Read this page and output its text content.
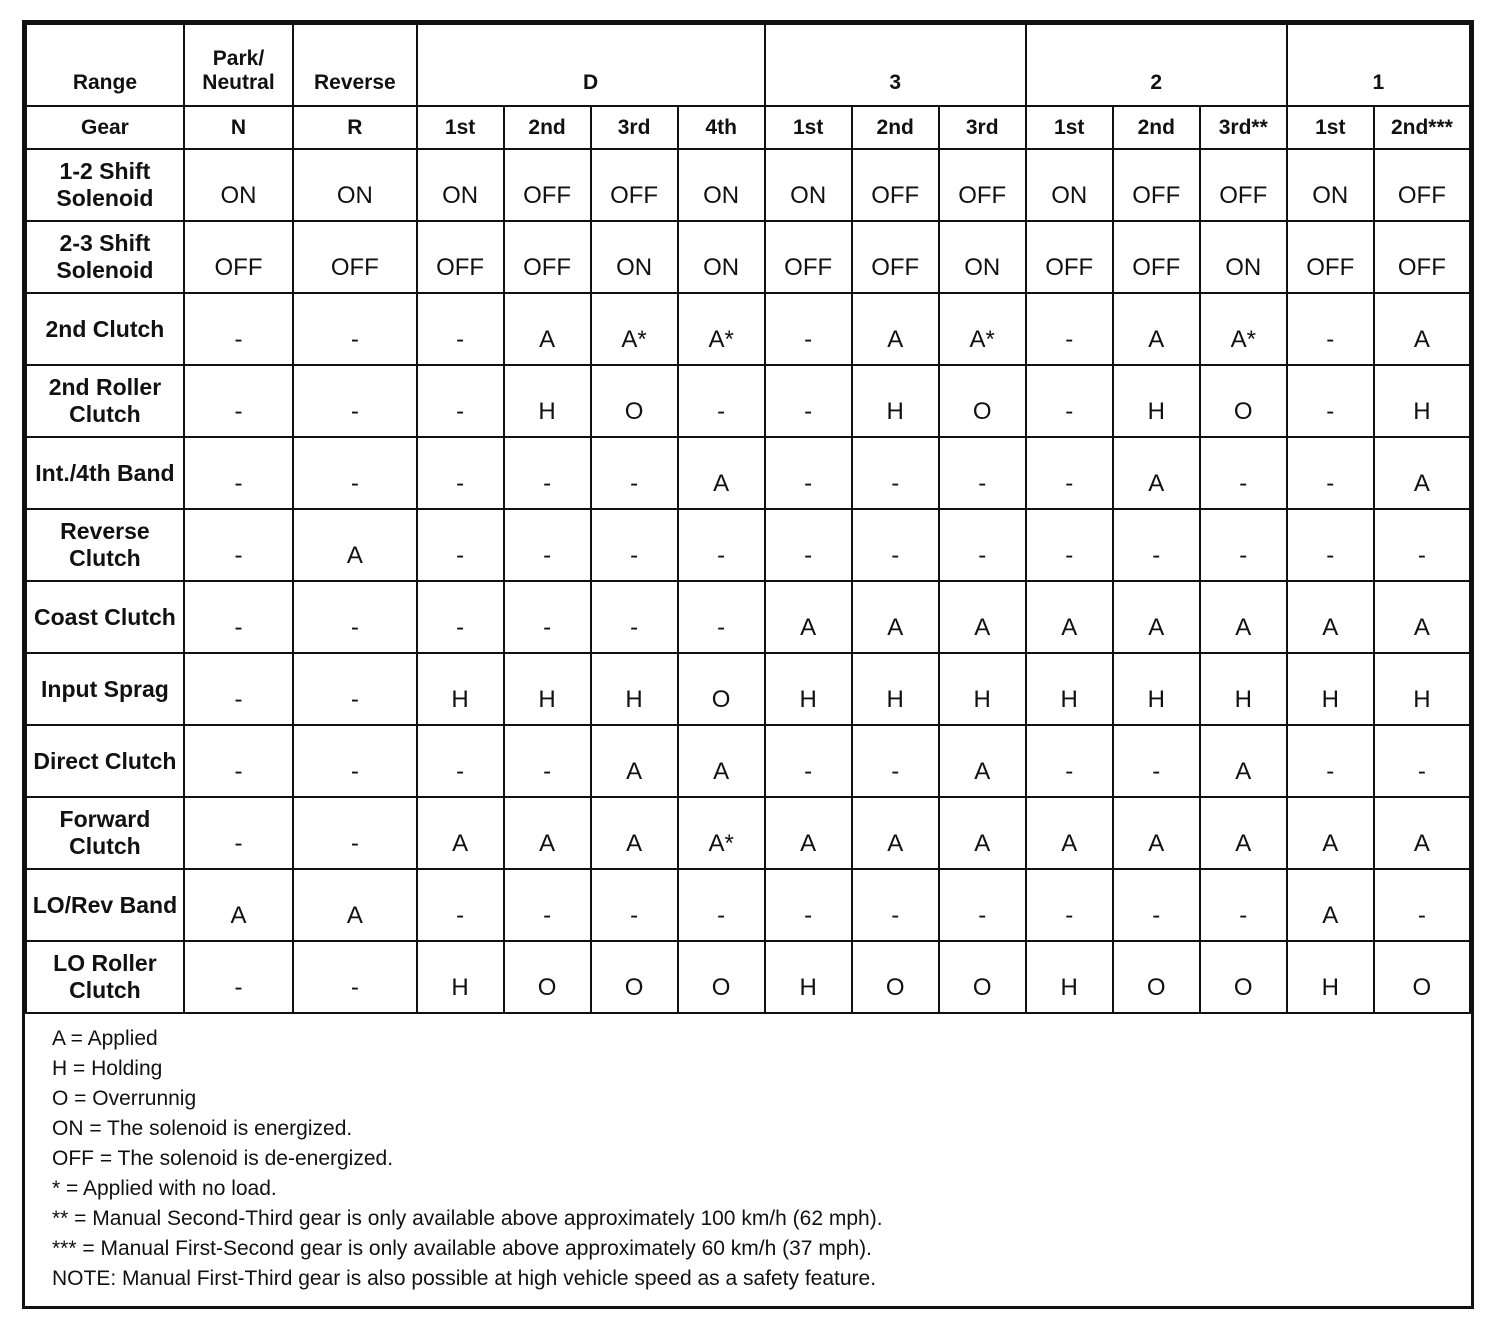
Range	Park/ Neutral	Reverse	D				3			2			1	
Gear	N	R	1st	2nd	3rd	4th	1st	2nd	3rd	1st	2nd	3rd**	1st	2nd***
1-2 Shift Solenoid	ON	ON	ON	OFF	OFF	ON	ON	OFF	OFF	ON	OFF	OFF	ON	OFF
2-3 Shift Solenoid	OFF	OFF	OFF	OFF	ON	ON	OFF	OFF	ON	OFF	OFF	ON	OFF	OFF
2nd Clutch	-	-	-	A	A*	A*	-	A	A*	-	A	A*	-	A
2nd Roller Clutch	-	-	-	H	O	-	-	H	O	-	H	O	-	H
Int./4th Band	-	-	-	-	-	A	-	-	-	-	A	-	-	A
Reverse Clutch	-	A	-	-	-	-	-	-	-	-	-	-	-	-
Coast Clutch	-	-	-	-	-	-	A	A	A	A	A	A	A	A
Input Sprag	-	-	H	H	H	O	H	H	H	H	H	H	H	H
Direct Clutch	-	-	-	-	A	A	-	-	A	-	-	A	-	-
Forward Clutch	-	-	A	A	A	A*	A	A	A	A	A	A	A	A
LO/Rev Band	A	A	-	-	-	-	-	-	-	-	-	-	A	-
LO Roller Clutch	-	-	H	O	O	O	H	O	O	H	O	O	H	O
A = Applied
H = Holding
O = Overrunnig
ON = The solenoid is energized.
OFF = The solenoid is de-energized.
* = Applied with no load.
** = Manual Second-Third gear is only available above approximately 100 km/h (62 mph).
*** = Manual First-Second gear is only available above approximately 60 km/h (37 mph).
NOTE: Manual First-Third gear is also possible at high vehicle speed as a safety feature.
